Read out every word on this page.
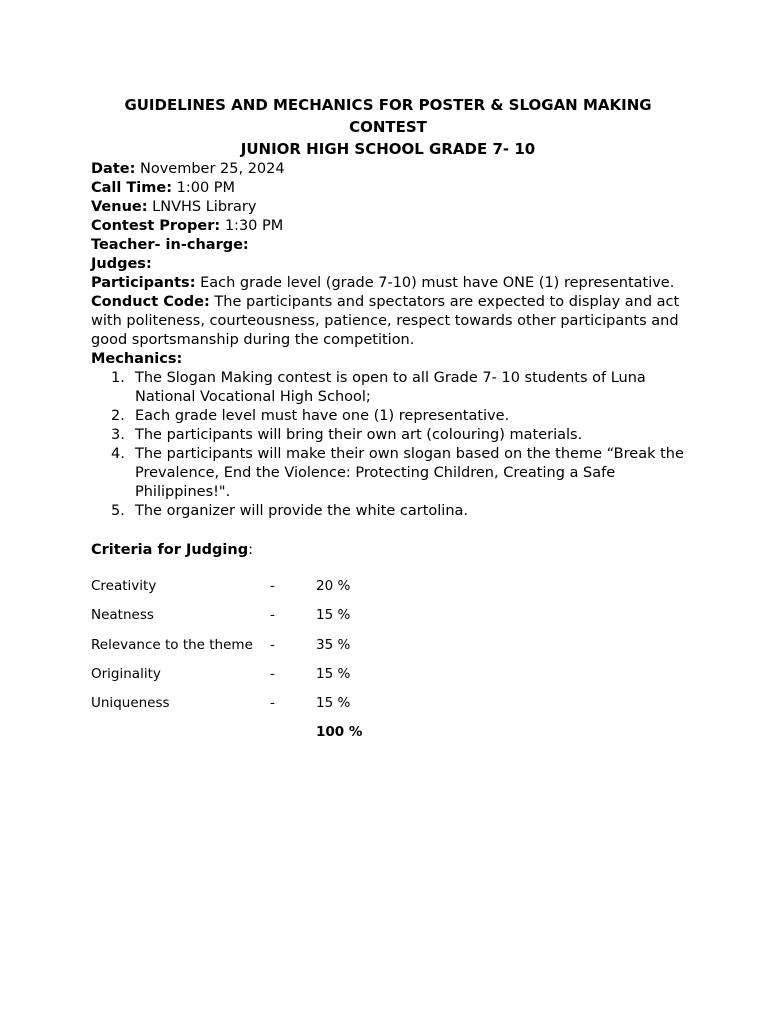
GUIDELINES AND MECHANICS FOR POSTER & SLOGAN MAKING
CONTEST
JUNIOR HIGH SCHOOL GRADE 7- 10

Date: November 25, 2024

Call Time: 1:00 PM

Venue: LNVHS Library

Contest Proper: 1:30 PM

Teacher- in-charge:

Judges:

Participants: Each grade level (grade 7-10) must have ONE (1) representative.

Conduct Code: The participants and spectators are expected to display and act with politeness, courteousness, patience, respect towards other participants and good sportsmanship during the competition.

Mechanics:

1. The Slogan Making contest is open to all Grade 7- 10 students of Luna National Vocational High School;
2. Each grade level must have one (1) representative.
3. The participants will bring their own art (colouring) materials.
4. The participants will make their own slogan based on the theme “Break the Prevalence, End the Violence: Protecting Children, Creating a Safe Philippines!".
5. The organizer will provide the white cartolina.
Criteria for Judging:
Creativity	-	20 %
Neatness	-	15 %
Relevance to the theme -	35 %
Originality	-	15 %
Uniqueness	-	15 %
100 %
